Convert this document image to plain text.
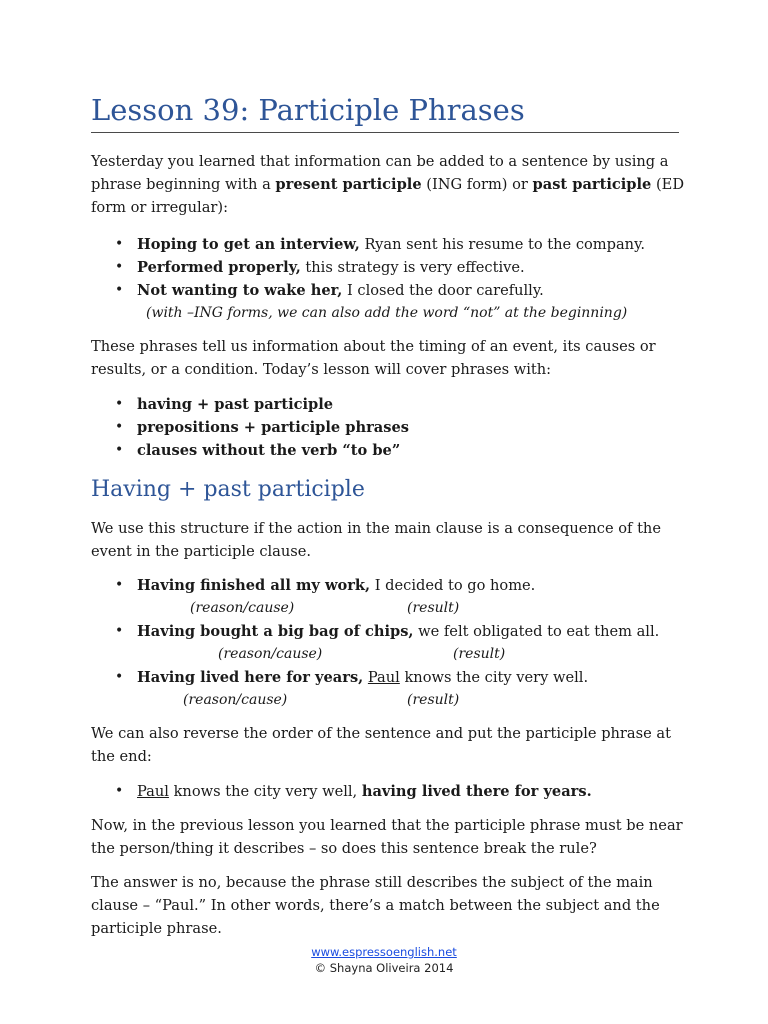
Lesson 39: Participle Phrases

Yesterday you learned that information can be added to a sentence by using a phrase beginning with a present participle (ING form) or past participle (ED form or irregular):

• Hoping to get an interview, Ryan sent his resume to the company.
• Performed properly, this strategy is very effective.
• Not wanting to wake her, I closed the door carefully.
(with –ING forms, we can also add the word “not” at the beginning)

These phrases tell us information about the timing of an event, its causes or results, or a condition. Today’s lesson will cover phrases with:

• having + past participle
• prepositions + participle phrases
• clauses without the verb “to be”
Having + past participle

We use this structure if the action in the main clause is a consequence of the event in the participle clause.

• Having finished all my work, I decided to go home.
(reason/cause)	(result)
• Having bought a big bag of chips, we felt obligated to eat them all.
(reason/cause)	(result)
• Having lived here for years, Paul knows the city very well.
(reason/cause)	(result)

We can also reverse the order of the sentence and put the participle phrase at the end:

• Paul knows the city very well, having lived there for years.

Now, in the previous lesson you learned that the participle phrase must be near the person/thing it describes – so does this sentence break the rule?

The answer is no, because the phrase still describes the subject of the main clause – “Paul.” In other words, there’s a match between the subject and the participle phrase.

www.espressoenglish.net
© Shayna Oliveira 2014
